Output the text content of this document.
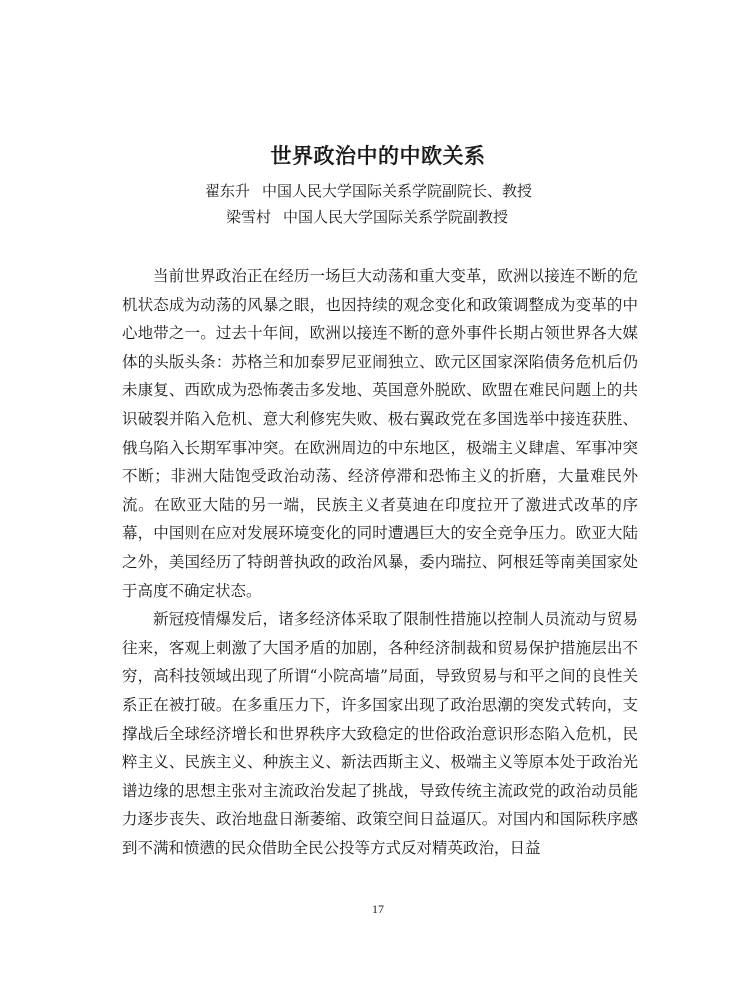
世界政治中的中欧关系
翟东升 中国人民大学国际关系学院副院长、教授
梁雪村 中国人民大学国际关系学院副教授

当前世界政治正在经历一场巨大动荡和重大变革，欧洲以接连不断的危机状态成为动荡的风暴之眼，也因持续的观念变化和政策调整成为变革的中心地带之一。过去十年间，欧洲以接连不断的意外事件长期占领世界各大媒体的头版头条：苏格兰和加泰罗尼亚闹独立、欧元区国家深陷债务危机后仍未康复、西欧成为恐怖袭击多发地、英国意外脱欧、欧盟在难民问题上的共识破裂并陷入危机、意大利修宪失败、极右翼政党在多国选举中接连获胜、俄乌陷入长期军事冲突。在欧洲周边的中东地区，极端主义肆虐、军事冲突不断；非洲大陆饱受政治动荡、经济停滞和恐怖主义的折磨，大量难民外流。在欧亚大陆的另一端，民族主义者莫迪在印度拉开了激进式改革的序幕，中国则在应对发展环境变化的同时遭遇巨大的安全竞争压力。欧亚大陆之外，美国经历了特朗普执政的政治风暴，委内瑞拉、阿根廷等南美国家处于高度不确定状态。

新冠疫情爆发后，诸多经济体采取了限制性措施以控制人员流动与贸易往来，客观上刺激了大国矛盾的加剧，各种经济制裁和贸易保护措施层出不穷，高科技领域出现了所谓“小院高墙”局面，导致贸易与和平之间的良性关系正在被打破。在多重压力下，许多国家出现了政治思潮的突发式转向，支撑战后全球经济增长和世界秩序大致稳定的世俗政治意识形态陷入危机，民粹主义、民族主义、种族主义、新法西斯主义、极端主义等原本处于政治光谱边缘的思想主张对主流政治发起了挑战，导致传统主流政党的政治动员能力逐步丧失、政治地盘日渐萎缩、政策空间日益逼仄。对国内和国际秩序感到不满和愤懑的民众借助全民公投等方式反对精英政治，日益

17
